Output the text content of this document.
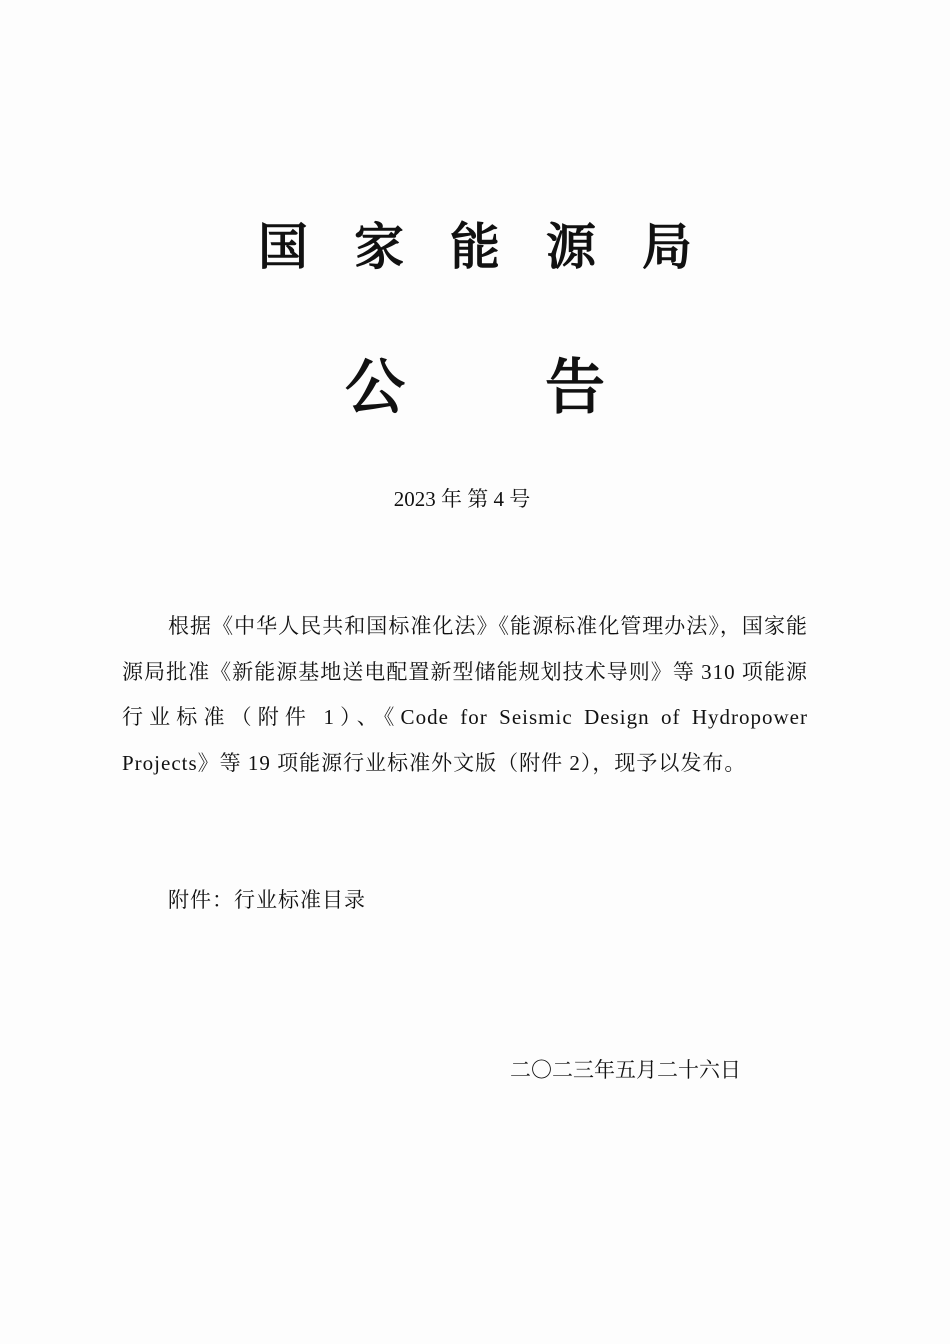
国家能源局
公告
2023 年 第 4 号
根据《中华人民共和国标准化法》《能源标准化管理办法》，国家能源局批准《新能源基地送电配置新型储能规划技术导则》等 310 项能源行业标准（附件 1）、《Code for Seismic Design of Hydropower Projects》等 19 项能源行业标准外文版（附件 2），现予以发布。
附件：行业标准目录
二〇二三年五月二十六日
